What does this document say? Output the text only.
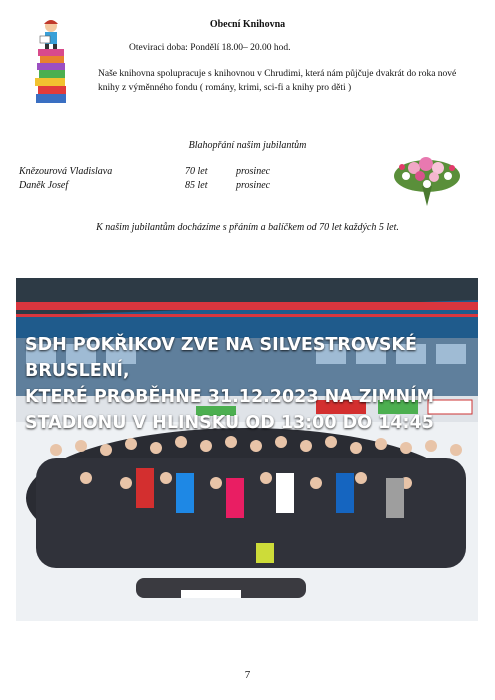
Obecní Knihovna
Oteviraci doba: Pondělí 18.00– 20.00 hod.
Naše knihovna spolupracuje s knihovnou v Chrudimi, která nám půjčuje dvakrát do roka nové knihy z výměnného fondu ( romány, krimi, sci-fi a knihy pro děti )
Blahopřání našim jubilantům
Knězourová Vladislava	70 let	prosinec
Daněk Josef	85 let	prosinec
K našim jubilantům docházíme s přáním a balíčkem od 70 let každých 5 let.
SDH POKŘIKOV ZVE NA SILVESTROVSKÉ BRUSLENÍ,
KTERÉ PROBĚHNE 31.12.2023 NA ZIMNÍM
STADIONU V HLINSKU OD 13:00 DO 14:45
7
